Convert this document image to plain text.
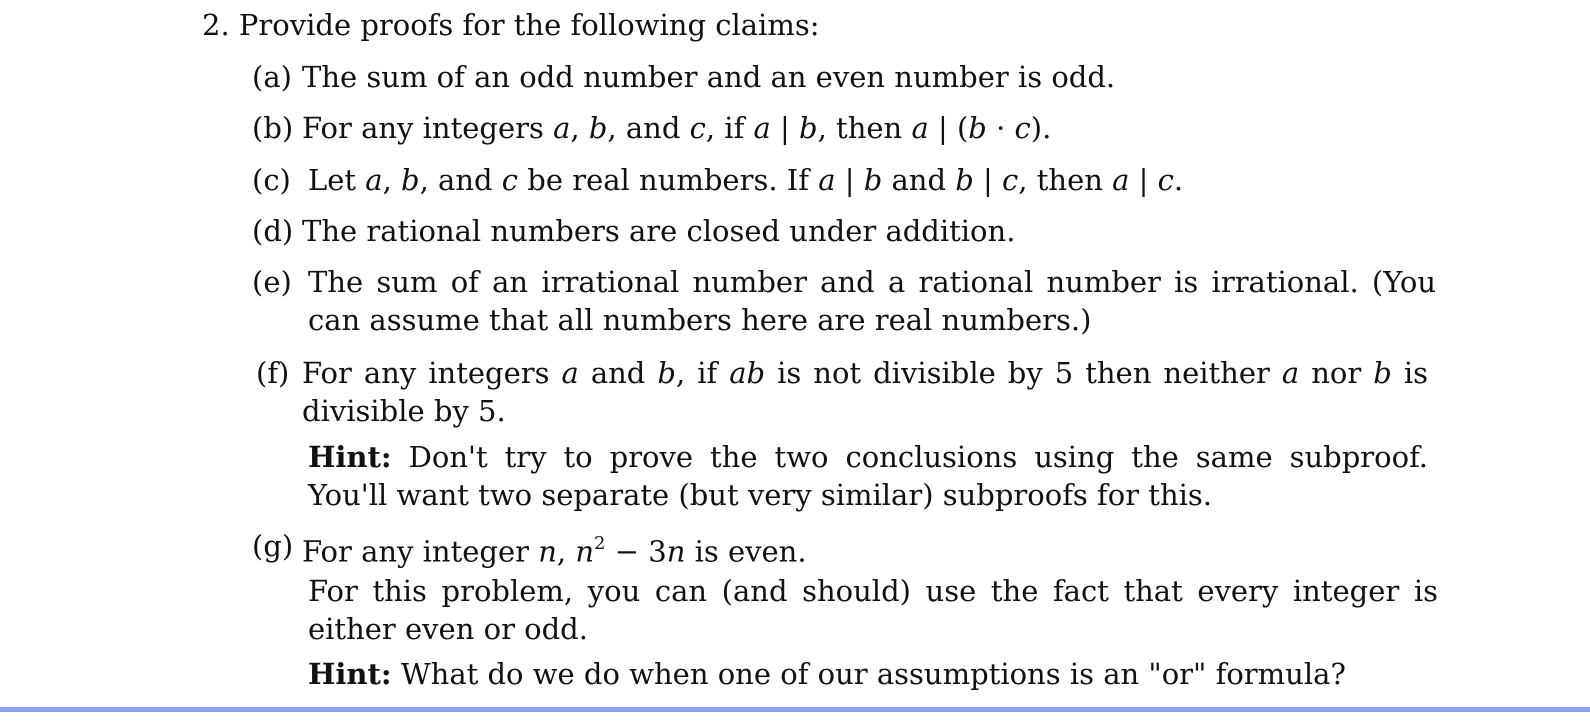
2. Provide proofs for the following claims:
(a) The sum of an odd number and an even number is odd.
(b) For any integers a, b, and c, if a | b, then a | (b · c).
(c) Let a, b, and c be real numbers. If a | b and b | c, then a | c.
(d) The rational numbers are closed under addition.
(e) The sum of an irrational number and a rational number is irrational. (You can assume that all numbers here are real numbers.)
(f) For any integers a and b, if ab is not divisible by 5 then neither a nor b is divisible by 5.
Hint: Don't try to prove the two conclusions using the same subproof. You'll want two separate (but very similar) subproofs for this.
(g) For any integer n, $n^2 - 3n$ is even.
For this problem, you can (and should) use the fact that every integer is either even or odd.
Hint: What do we do when one of our assumptions is an "or" formula?
